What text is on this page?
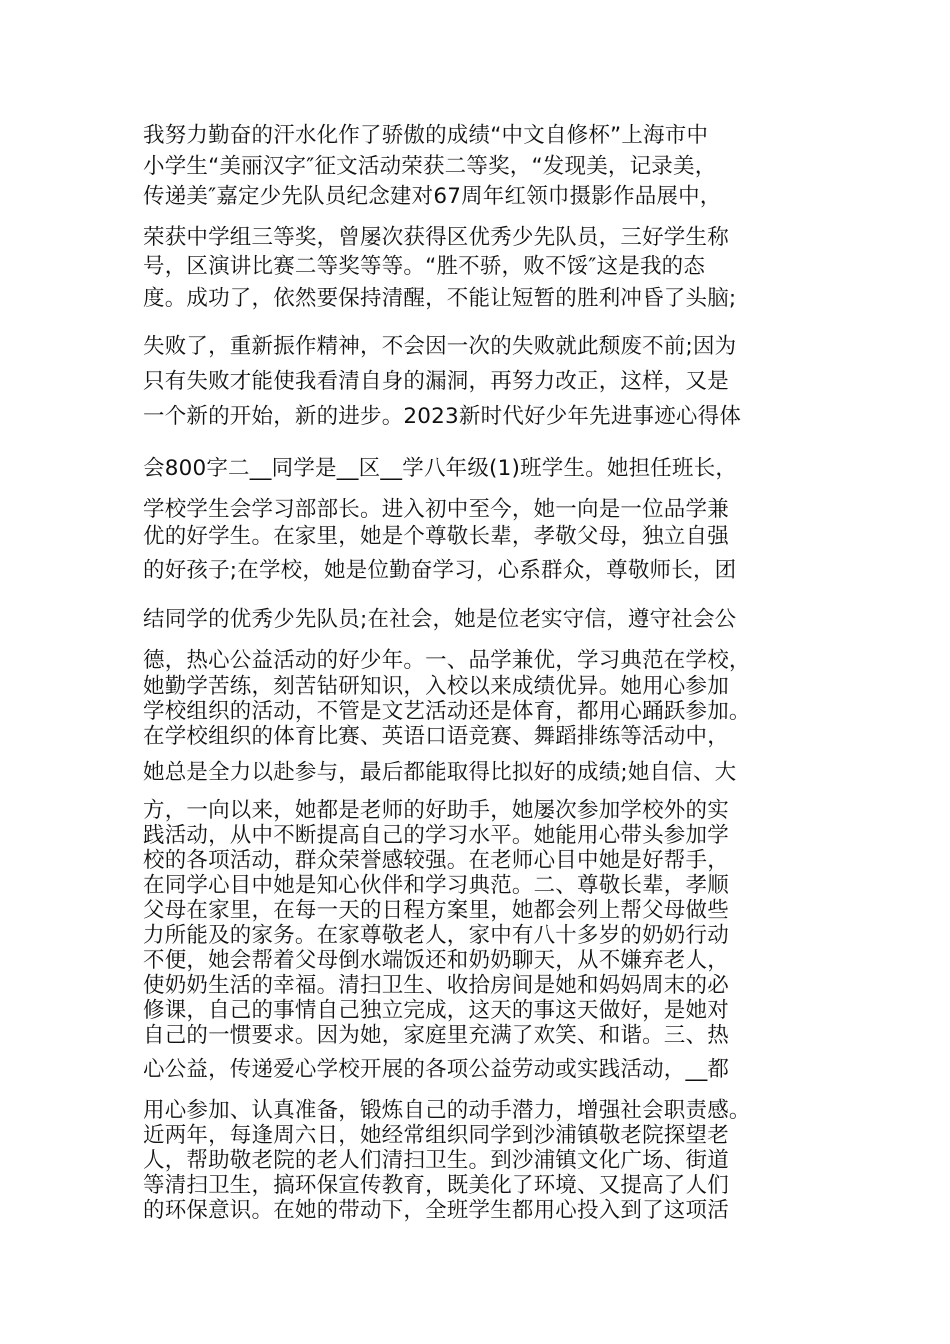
我努力勤奋的汗水化作了骄傲的成绩“中文自修杯”上海市中
小学生“美丽汉字″征文活动荣获二等奖，“发现美，记录美，
传递美″嘉定少先队员纪念建对67周年红领巾摄影作品展中，
荣获中学组三等奖，曾屡次获得区优秀少先队员，三好学生称
号，区演讲比赛二等奖等等。“胜不骄，败不馁″这是我的态
度。成功了，依然要保持清醒，不能让短暂的胜利冲昏了头脑;
失败了，重新振作精神，不会因一次的失败就此颓废不前;因为
只有失败才能使我看清自身的漏洞，再努力改正，这样，又是
一个新的开始，新的进步。2023新时代好少年先进事迹心得体
会800字二__同学是__区__学八年级(1)班学生。她担任班长，
学校学生会学习部部长。进入初中至今，她一向是一位品学兼
优的好学生。在家里，她是个尊敬长辈，孝敬父母，独立自强
的好孩子;在学校，她是位勤奋学习，心系群众，尊敬师长，团
结同学的优秀少先队员;在社会，她是位老实守信，遵守社会公
德，热心公益活动的好少年。一、品学兼优，学习典范在学校，
她勤学苦练，刻苦钻研知识，入校以来成绩优异。她用心参加
学校组织的活动，不管是文艺活动还是体育，都用心踊跃参加。
在学校组织的体育比赛、英语口语竞赛、舞蹈排练等活动中，
她总是全力以赴参与，最后都能取得比拟好的成绩;她自信、大
方，一向以来，她都是老师的好助手，她屡次参加学校外的实
践活动，从中不断提高自己的学习水平。她能用心带头参加学
校的各项活动，群众荣誉感较强。在老师心目中她是好帮手，
在同学心目中她是知心伙伴和学习典范。二、尊敬长辈，孝顺
父母在家里，在每一天的日程方案里，她都会列上帮父母做些
力所能及的家务。在家尊敬老人，家中有八十多岁的奶奶行动
不便，她会帮着父母倒水端饭还和奶奶聊天，从不嫌弃老人，
使奶奶生活的幸福。清扫卫生、收拾房间是她和妈妈周末的必
修课，自己的事情自己独立完成，这天的事这天做好，是她对
自己的一惯要求。因为她，家庭里充满了欢笑、和谐。三、热
心公益，传递爱心学校开展的各项公益劳动或实践活动，__都
用心参加、认真准备，锻炼自己的动手潜力，增强社会职责感。
近两年，每逢周六日，她经常组织同学到沙浦镇敬老院探望老
人，帮助敬老院的老人们清扫卫生。到沙浦镇文化广场、街道
等清扫卫生，搞环保宣传教育，既美化了环境、又提高了人们
的环保意识。在她的带动下，全班学生都用心投入到了这项活
